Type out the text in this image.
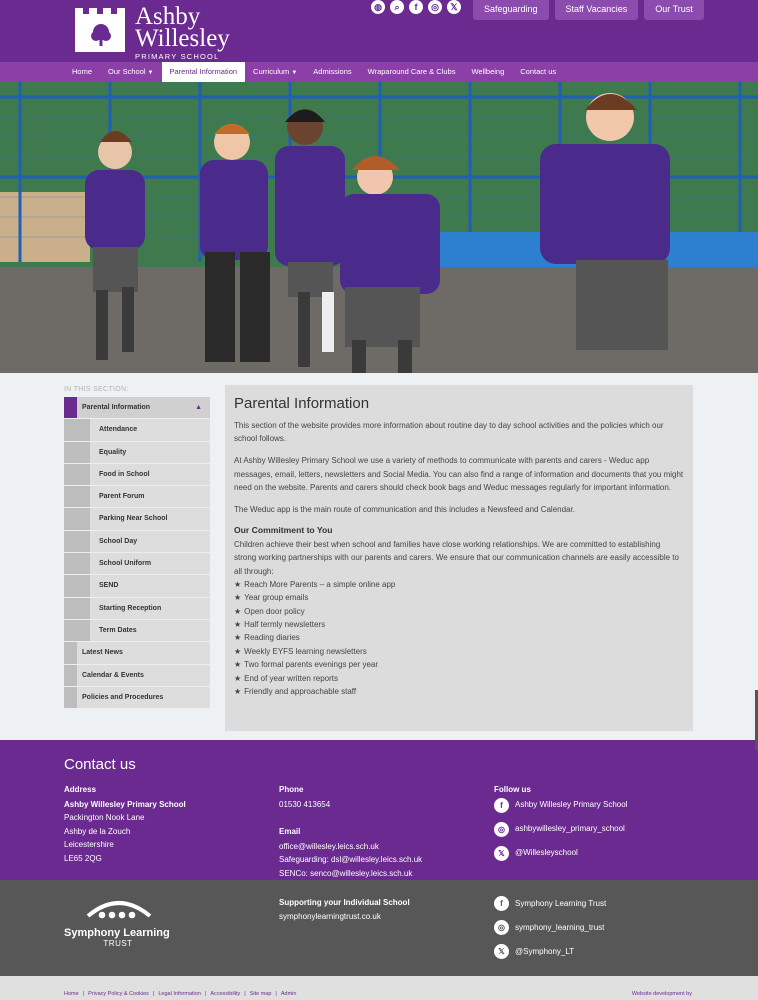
Ashby
Willesley
PRIMARY SCHOOL
◍	⌕	f	◎	𝕏	Safeguarding	Staff Vacancies	Our Trust
Home	Our School ▼	Parental Information	Curriculum ▼	Admissions	Wraparound Care & Clubs	Wellbeing	Contact us
IN THIS SECTION:
Parental Information	▲
Attendance
Equality
Food in School
Parent Forum
Parking Near School
School Day
School Uniform
SEND
Starting Reception
Term Dates
Latest News
Calendar & Events
Policies and Procedures
Parental Information

This section of the website provides more information about routine day to day school activities and the policies which our school follows.

At Ashby Willesley Primary School we use a variety of methods to communicate with parents and carers - Weduc app messages, email, letters, newsletters and Social Media. You can also find a range of information and documents that you might need on the website. Parents and carers should check book bags and Weduc messages regularly for important information.

The Weduc app is the main route of communication and this includes a Newsfeed and Calendar.

Our Commitment to You

Children achieve their best when school and families have close working relationships. We are committed to establishing strong working partnerships with our parents and carers. We ensure that our communication channels are easily accessible to all through:

★ Reach More Parents – a simple online app
★ Year group emails
★ Open door policy
★ Half termly newsletters
★ Reading diaries
★ Weekly EYFS learning newsletters
★ Two formal parents evenings per year
★ End of year written reports
★ Friendly and approachable staff
Contact us
Address
Ashby Willesley Primary School
Packington Nook Lane
Ashby de la Zouch
Leicestershire
LE65 2QG
Phone
01530 413654
Email
office@willesley.leics.sch.uk
Safeguarding: dsl@willesley.leics.sch.uk
SENCo: senco@willesley.leics.sch.uk
Follow us
f	Ashby Willesley Primary School
◎	ashbywillesley_primary_school
𝕏	@Willesleyschool
Symphony Learning
TRUST
Supporting your Individual School
symphonylearningtrust.co.uk
f	Symphony Learning Trust
◎	symphony_learning_trust
𝕏	@Symphony_LT
Home | Privacy Policy & Cookies | Legal Information | Accessibility | Site map | Admin	Website development by
